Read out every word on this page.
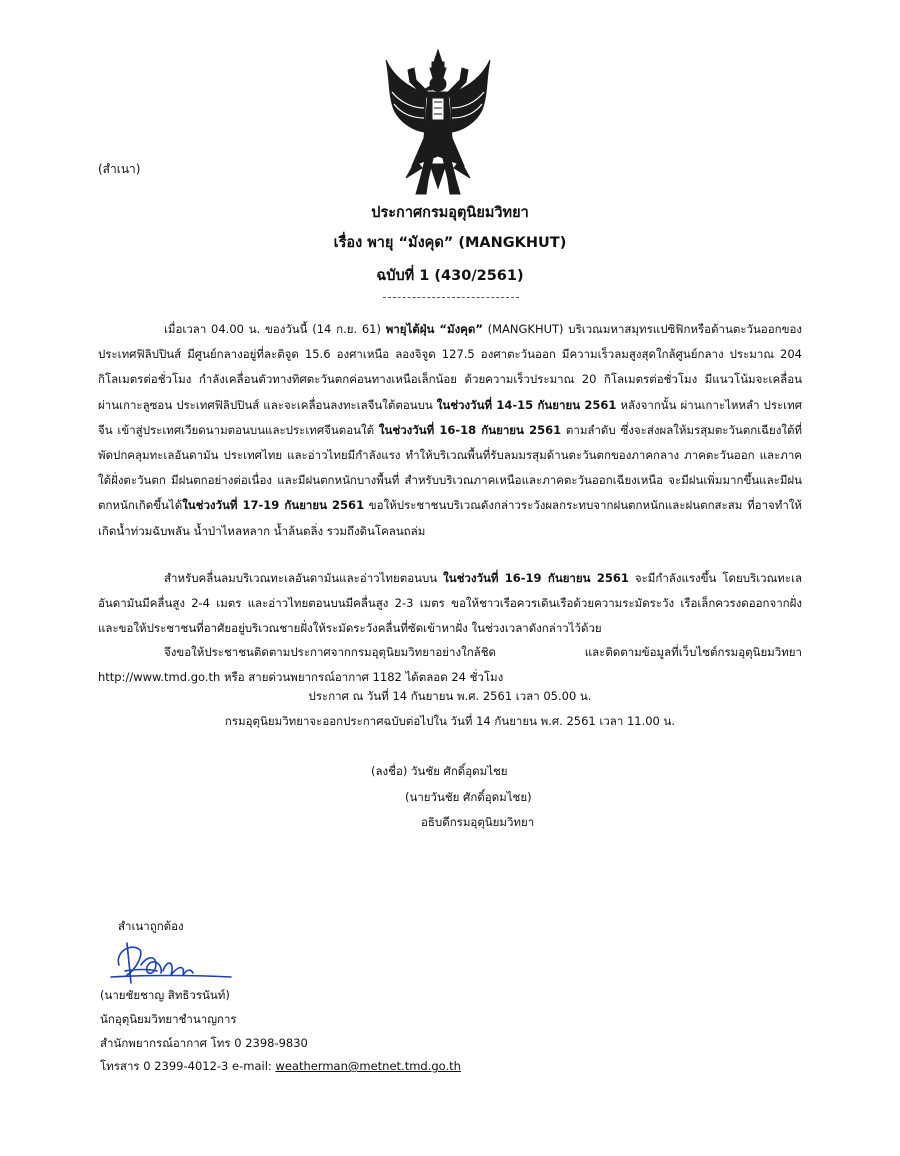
(สำเนา)
ประกาศกรมอุตุนิยมวิทยา
เรื่อง พายุ “มังคุด” (MANGKHUT)
ฉบับที่ 1 (430/2561)
เมื่อเวลา 04.00 น. ของวันนี้ (14 ก.ย. 61) พายุไต้ฝุ่น “มังคุด” (MANGKHUT) บริเวณมหาสมุทรแปซิฟิกหรือด้านตะวันออกของประเทศฟิลิปปินส์ มีศูนย์กลางอยู่ที่ละติจูด 15.6 องศาเหนือ ลองจิจูด 127.5 องศาตะวันออก มีความเร็วลมสูงสุดใกล้ศูนย์กลาง ประมาณ 204 กิโลเมตรต่อชั่วโมง กำลังเคลื่อนตัวทางทิศตะวันตกค่อนทางเหนือเล็กน้อย ด้วยความเร็วประมาณ 20 กิโลเมตรต่อชั่วโมง มีแนวโน้มจะเคลื่อนผ่านเกาะลูซอน ประเทศฟิลิปปินส์ และจะเคลื่อนลงทะเลจีนใต้ตอนบน ในช่วงวันที่ 14-15 กันยายน 2561 หลังจากนั้น ผ่านเกาะไหหลำ ประเทศจีน เข้าสู่ประเทศเวียดนามตอนบนและประเทศจีนตอนใต้ ในช่วงวันที่ 16-18 กันยายน 2561 ตามลำดับ ซึ่งจะส่งผลให้มรสุมตะวันตกเฉียงใต้ที่พัดปกคลุมทะเลอันดามัน ประเทศไทย และอ่าวไทยมีกำลังแรง ทำให้บริเวณพื้นที่รับลมมรสุมด้านตะวันตกของภาคกลาง ภาคตะวันออก และภาคใต้ฝั่งตะวันตก มีฝนตกอย่างต่อเนื่อง และมีฝนตกหนักบางพื้นที่ สำหรับบริเวณภาคเหนือและภาคตะวันออกเฉียงเหนือ จะมีฝนเพิ่มมากขึ้นและมีฝนตกหนักเกิดขึ้นได้ในช่วงวันที่ 17-19 กันยายน 2561 ขอให้ประชาชนบริเวณดังกล่าวระวังผลกระทบจากฝนตกหนักและฝนตกสะสม ที่อาจทำให้เกิดน้ำท่วมฉับพลัน น้ำป่าไหลหลาก น้ำล้นตลิ่ง รวมถึงดินโคลนถล่ม
สำหรับคลื่นลมบริเวณทะเลอันดามันและอ่าวไทยตอนบน ในช่วงวันที่ 16-19 กันยายน 2561 จะมีกำลังแรงขึ้น โดยบริเวณทะเลอันดามันมีคลื่นสูง 2-4 เมตร และอ่าวไทยตอนบนมีคลื่นสูง 2-3 เมตร ขอให้ชาวเรือควรเดินเรือด้วยความระมัดระวัง เรือเล็กควรงดออกจากฝั่ง และขอให้ประชาชนที่อาศัยอยู่บริเวณชายฝั่งให้ระมัดระวังคลื่นที่ซัดเข้าหาฝั่ง ในช่วงเวลาดังกล่าวไว้ด้วย
จึงขอให้ประชาชนติดตามประกาศจากกรมอุตุนิยมวิทยาอย่างใกล้ชิด และติดตามข้อมูลที่เว็บไซต์กรมอุตุนิยมวิทยา http://www.tmd.go.th หรือ สายด่วนพยากรณ์อากาศ 1182 ได้ตลอด 24 ชั่วโมง
ประกาศ ณ วันที่ 14 กันยายน พ.ศ. 2561 เวลา 05.00 น.
กรมอุตุนิยมวิทยาจะออกประกาศฉบับต่อไปใน วันที่ 14 กันยายน พ.ศ. 2561 เวลา 11.00 น.
(ลงชื่อ) วันชัย ศักดิ์อุดมไชย
(นายวันชัย ศักดิ์อุดมไชย)
อธิบดีกรมอุตุนิยมวิทยา
สำเนาถูกต้อง
(นายชัยชาญ สิทธิวรนันท์)
นักอุตุนิยมวิทยาชำนาญการ
สำนักพยากรณ์อากาศ โทร 0 2398-9830
โทรสาร 0 2399-4012-3 e-mail: weatherman@metnet.tmd.go.th
